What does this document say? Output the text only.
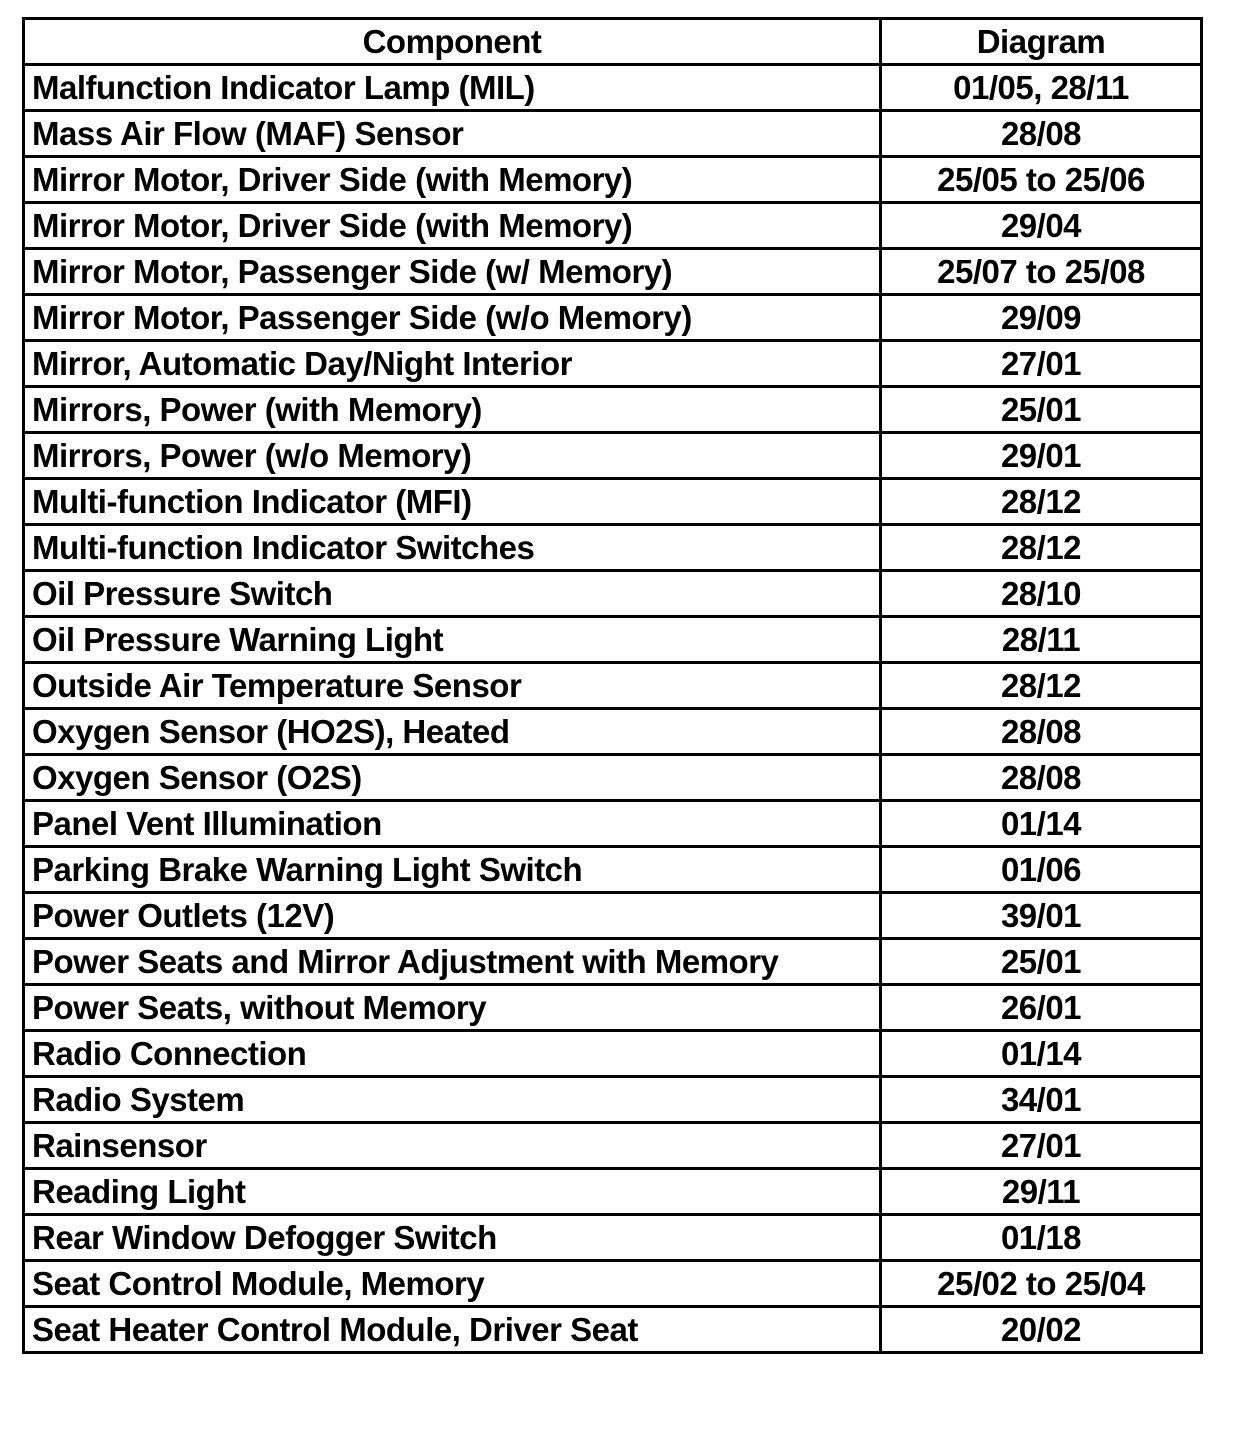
Component	Diagram
Malfunction Indicator Lamp (MIL)	01/05, 28/11
Mass Air Flow (MAF) Sensor	28/08
Mirror Motor, Driver Side (with Memory)	25/05 to 25/06
Mirror Motor, Driver Side (with Memory)	29/04
Mirror Motor, Passenger Side (w/ Memory)	25/07 to 25/08
Mirror Motor, Passenger Side (w/o Memory)	29/09
Mirror, Automatic Day/Night Interior	27/01
Mirrors, Power (with Memory)	25/01
Mirrors, Power (w/o Memory)	29/01
Multi-function Indicator (MFI)	28/12
Multi-function Indicator Switches	28/12
Oil Pressure Switch	28/10
Oil Pressure Warning Light	28/11
Outside Air Temperature Sensor	28/12
Oxygen Sensor (HO2S), Heated	28/08
Oxygen Sensor (O2S)	28/08
Panel Vent Illumination	01/14
Parking Brake Warning Light Switch	01/06
Power Outlets (12V)	39/01
Power Seats and Mirror Adjustment with Memory	25/01
Power Seats, without Memory	26/01
Radio Connection	01/14
Radio System	34/01
Rainsensor	27/01
Reading Light	29/11
Rear Window Defogger Switch	01/18
Seat Control Module, Memory	25/02 to 25/04
Seat Heater Control Module, Driver Seat	20/02
